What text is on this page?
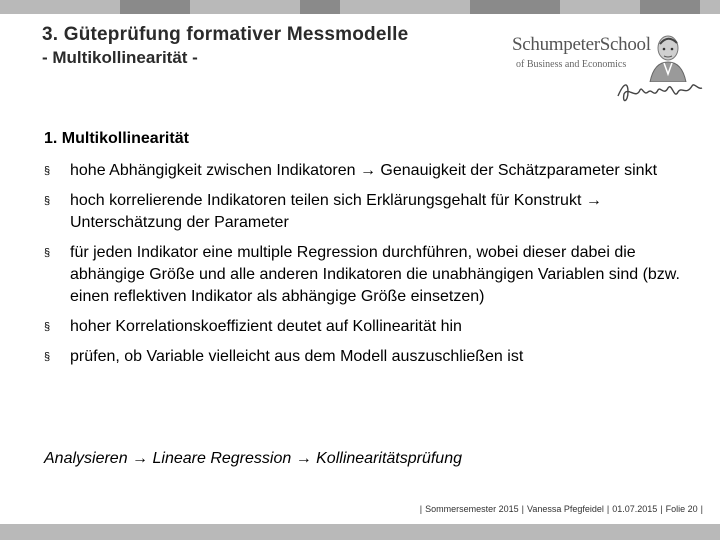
3. Güteprüfung formativer Messmodelle
- Multikollinearität -
SchumpeterSchool
of Business and Economics
1. Multikollinearität
§ hohe Abhängigkeit zwischen Indikatoren → Genauigkeit der Schätzparameter sinkt
§ hoch korrelierende Indikatoren teilen sich Erklärungsgehalt für Konstrukt → Unterschätzung der Parameter
§ für jeden Indikator eine multiple Regression durchführen, wobei dieser dabei die abhängige Größe und alle anderen Indikatoren die unabhängigen Variablen sind (bzw. einen reflektiven Indikator als abhängige Größe einsetzen)
§ hoher Korrelationskoeffizient deutet auf Kollinearität hin
§ prüfen, ob Variable vielleicht aus dem Modell auszuschließen ist

Analysieren → Lineare Regression → Kollinearitätsprüfung

| Sommersemester 2015 | Vanessa Pfegfeidel | 01.07.2015 | Folie 20 |
